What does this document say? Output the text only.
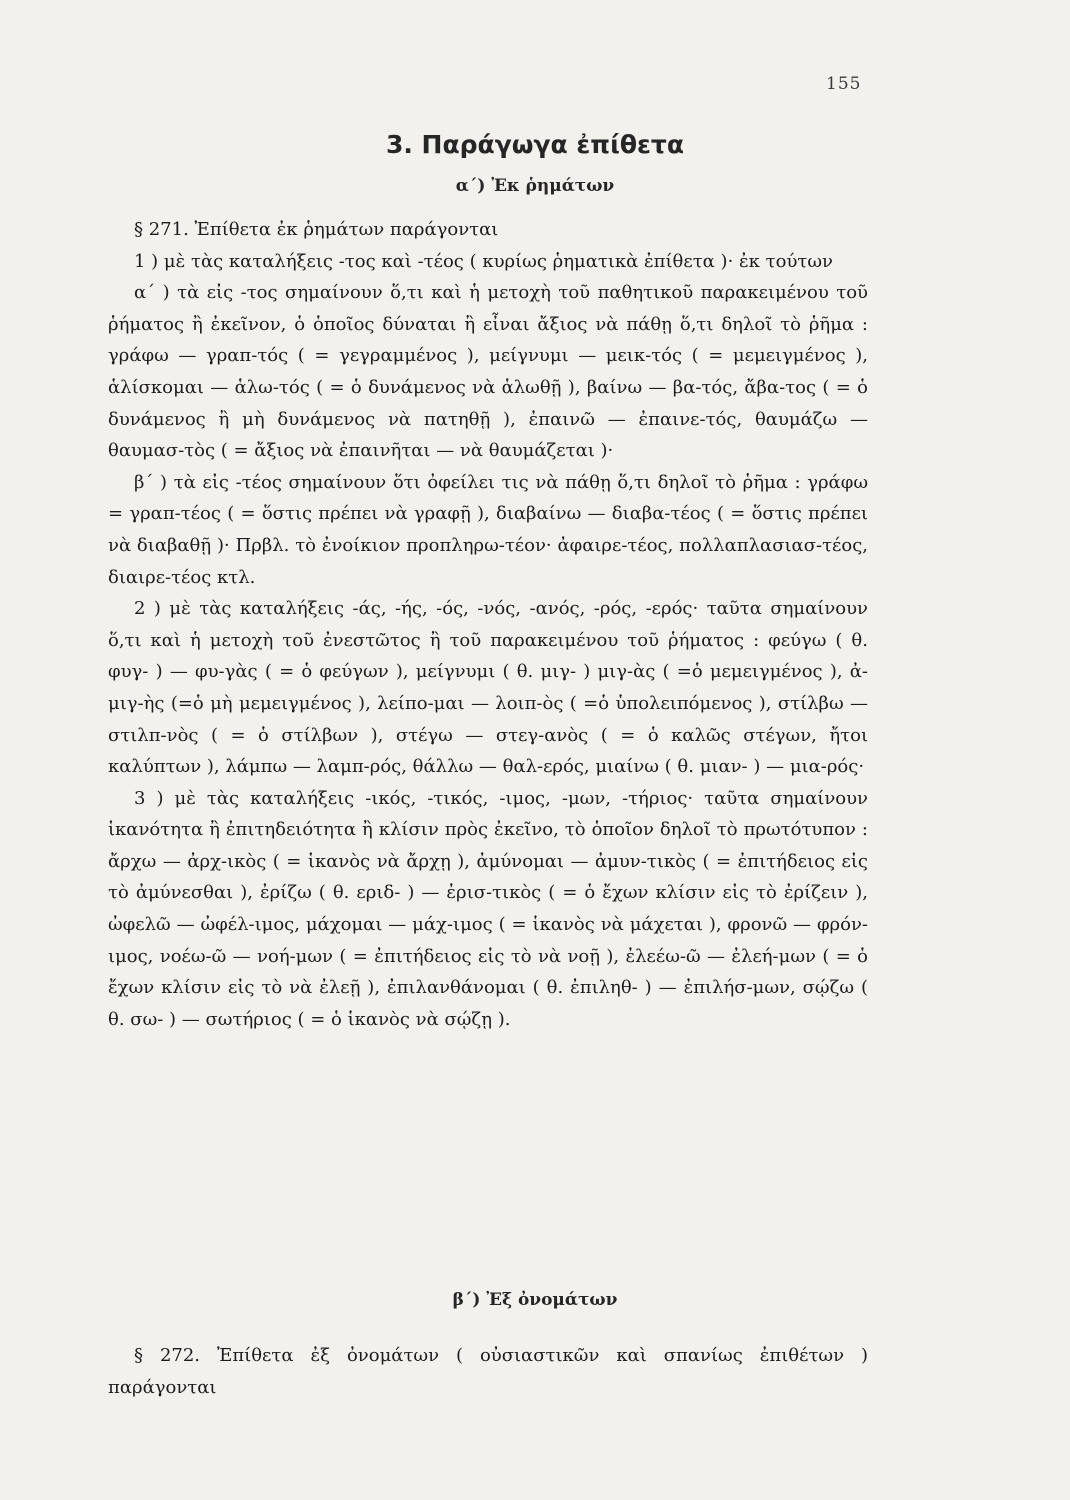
155
3. Παράγωγα ἐπίθετα
α΄) Ἐκ ῥημάτων

§ 271. Ἐπίθετα ἐκ ῥημάτων παράγονται

1 ) μὲ τὰς καταλήξεις -τος καὶ -τέος ( κυρίως ῥηματικὰ ἐπίθετα )· ἐκ τούτων

α΄ ) τὰ εἰς -τος σημαίνουν ὅ,τι καὶ ἡ μετοχὴ τοῦ παθητικοῦ παρακειμένου τοῦ ῥήματος ἢ ἐκεῖνον, ὁ ὁποῖος δύναται ἢ εἶναι ἄξιος νὰ πάθῃ ὅ,τι δηλοῖ τὸ ῥῆμα : γράφω — γραπ-τός ( = γεγραμμένος ), μείγνυμι — μεικ-τός ( = μεμειγμένος ), ἁλίσκομαι — ἁλω-τός ( = ὁ δυνάμενος νὰ ἁλωθῇ ), βαίνω — βα-τός, ἄβα-τος ( = ὁ δυνάμενος ἢ μὴ δυνάμενος νὰ πατηθῇ ), ἐπαινῶ — ἐπαινε-τός, θαυμάζω — θαυμασ-τὸς ( = ἄξιος νὰ ἐπαινῆται — νὰ θαυμάζεται )·

β΄ ) τὰ εἰς -τέος σημαίνουν ὅτι ὀφείλει τις νὰ πάθῃ ὅ,τι δηλοῖ τὸ ῥῆμα : γράφω = γραπ-τέος ( = ὅστις πρέπει νὰ γραφῇ ), διαβαίνω — διαβα-τέος ( = ὅστις πρέπει νὰ διαβαθῇ )· Πρβλ. τὸ ἐνοίκιον προπληρω-τέον· ἀφαιρε-τέος, πολλαπλασιασ-τέος, διαιρε-τέος κτλ.

2 ) μὲ τὰς καταλήξεις -άς, -ής, -ός, -νός, -ανός, -ρός, -ερός· ταῦτα σημαίνουν ὅ,τι καὶ ἡ μετοχὴ τοῦ ἐνεστῶτος ἢ τοῦ παρακειμένου τοῦ ῥήματος : φεύγω ( θ. φυγ- ) — φυ-γὰς ( = ὁ φεύγων ), μείγνυμι ( θ. μιγ- ) μιγ-ὰς ( =ὁ μεμειγμένος ), ἀ-μιγ-ὴς (=ὁ μὴ μεμειγμένος ), λείπο-μαι — λοιπ-ὸς ( =ὁ ὑπολειπόμενος ), στίλβω — στιλπ-νὸς ( = ὁ στίλβων ), στέγω — στεγ-ανὸς ( = ὁ καλῶς στέγων, ἤτοι καλύπτων ), λάμπω — λαμπ-ρός, θάλλω — θαλ-ερός, μιαίνω ( θ. μιαν- ) — μια-ρός·

3 ) μὲ τὰς καταλήξεις -ικός, -τικός, -ιμος, -μων, -τήριος· ταῦτα σημαίνουν ἱκανότητα ἢ ἐπιτηδειότητα ἢ κλίσιν πρὸς ἐκεῖνο, τὸ ὁποῖον δηλοῖ τὸ πρωτότυπον : ἄρχω — ἀρχ-ικὸς ( = ἱκανὸς νὰ ἄρχῃ ), ἀμύνομαι — ἀμυν-τικὸς ( = ἐπιτήδειος εἰς τὸ ἀμύνεσθαι ), ἐρίζω ( θ. εριδ- ) — ἐρισ-τικὸς ( = ὁ ἔχων κλίσιν εἰς τὸ ἐρίζειν ), ὠφελῶ — ὠφέλ-ιμος, μάχομαι — μάχ-ιμος ( = ἱκανὸς νὰ μάχεται ), φρονῶ — φρόν-ιμος, νοέω-ῶ — νοή-μων ( = ἐπιτήδειος εἰς τὸ νὰ νοῇ ), ἐλεέω-ῶ — ἐλεή-μων ( = ὁ ἔχων κλίσιν εἰς τὸ νὰ ἐλεῇ ), ἐπιλανθάνομαι ( θ. ἐπιληθ- ) — ἐπιλήσ-μων, σῴζω ( θ. σω- ) — σωτήριος ( = ὁ ἱκανὸς νὰ σῴζῃ ).

β΄) Ἐξ ὀνομάτων

§ 272. Ἐπίθετα ἐξ ὀνομάτων ( οὐσιαστικῶν καὶ σπανίως ἐπιθέτων ) παράγονται
